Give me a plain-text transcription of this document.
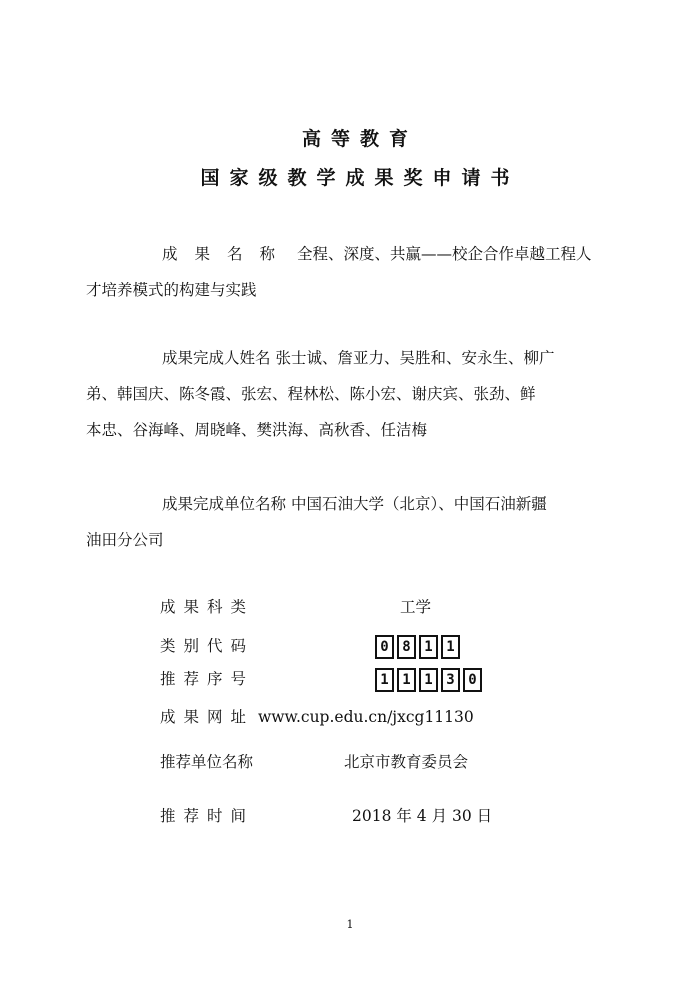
高等教育
国家级教学成果奖申请书
成果名称 全程、深度、共赢——校企合作卓越工程人
才培养模式的构建与实践
成果完成人姓名 张士诚、詹亚力、吴胜和、安永生、柳广
弟、韩国庆、陈冬霞、张宏、程林松、陈小宏、谢庆宾、张劲、鲜
本忠、谷海峰、周晓峰、樊洪海、高秋香、任洁梅
成果完成单位名称 中国石油大学（北京）、中国石油新疆
油田分公司
成果科类	工学
类别代码	0 8 1 1
推荐序号	1 1 1 3 0
成果网址 www.cup.edu.cn/jxcg11130
推荐单位名称	北京市教育委员会
推荐时间	2018 年 4 月 30 日
1
